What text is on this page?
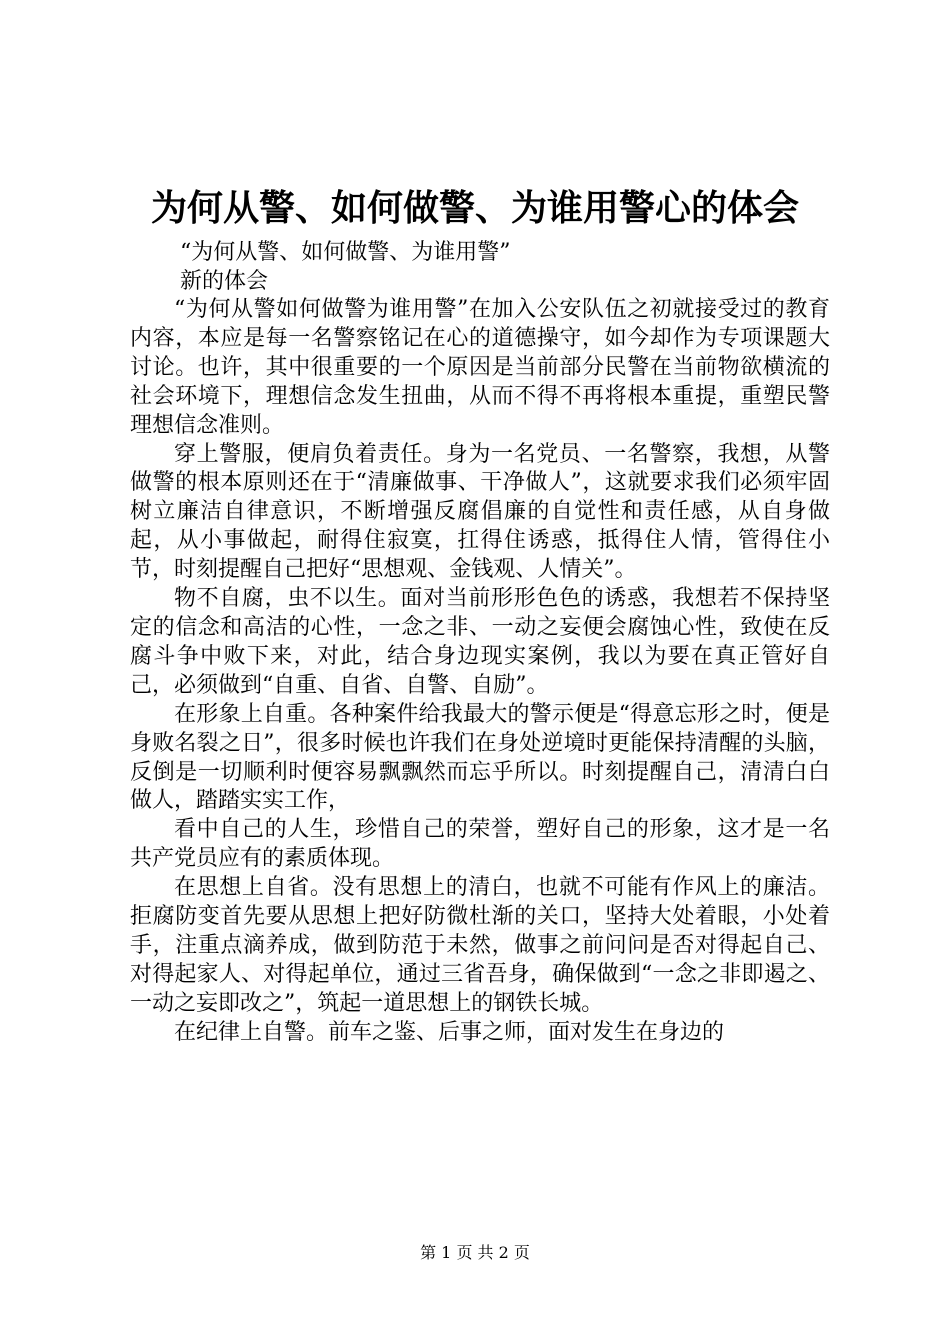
为何从警、如何做警、为谁用警心的体会
“为何从警、如何做警、为谁用警”
新的体会

“为何从警如何做警为谁用警”在加入公安队伍之初就接受过的教育内容，本应是每一名警察铭记在心的道德操守，如今却作为专项课题大讨论。也许，其中很重要的一个原因是当前部分民警在当前物欲横流的社会环境下，理想信念发生扭曲，从而不得不再将根本重提，重塑民警理想信念准则。

穿上警服，便肩负着责任。身为一名党员、一名警察，我想，从警做警的根本原则还在于“清廉做事、干净做人”，这就要求我们必须牢固树立廉洁自律意识，不断增强反腐倡廉的自觉性和责任感，从自身做起，从小事做起，耐得住寂寞，扛得住诱惑，抵得住人情，管得住小节，时刻提醒自己把好“思想观、金钱观、人情关”。

物不自腐，虫不以生。面对当前形形色色的诱惑，我想若不保持坚定的信念和高洁的心性，一念之非、一动之妄便会腐蚀心性，致使在反腐斗争中败下来，对此，结合身边现实案例，我以为要在真正管好自己，必须做到“自重、自省、自警、自励”。

在形象上自重。各种案件给我最大的警示便是“得意忘形之时，便是身败名裂之日”，很多时候也许我们在身处逆境时更能保持清醒的头脑，反倒是一切顺利时便容易飘飘然而忘乎所以。时刻提醒自己，清清白白做人，踏踏实实工作，

看中自己的人生，珍惜自己的荣誉，塑好自己的形象，这才是一名共产党员应有的素质体现。

在思想上自省。没有思想上的清白，也就不可能有作风上的廉洁。拒腐防变首先要从思想上把好防微杜渐的关口，坚持大处着眼，小处着手，注重点滴养成，做到防范于未然，做事之前问问是否对得起自己、对得起家人、对得起单位，通过三省吾身，确保做到“一念之非即遏之、一动之妄即改之”，筑起一道思想上的钢铁长城。

在纪律上自警。前车之鉴、后事之师，面对发生在身边的

第 1 页 共 2 页
